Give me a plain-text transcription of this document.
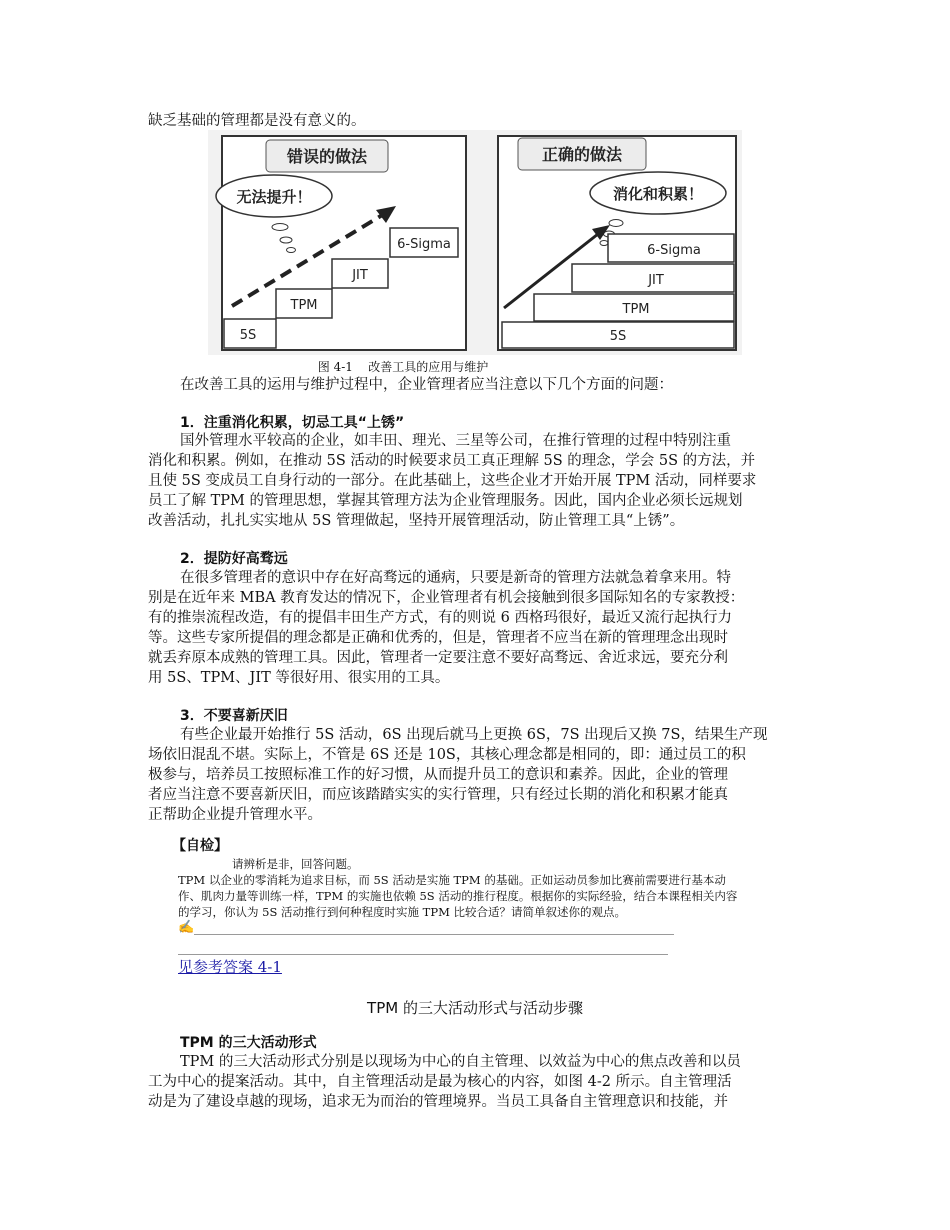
缺乏基础的管理都是没有意义的。
错误的做法
无法提升！
5S
TPM
JIT
6-Sigma
正确的做法
消化和积累！
5S
TPM
JIT
6-Sigma
图 4-1 改善工具的应用与维护
在改善工具的运用与维护过程中，企业管理者应当注意以下几个方面的问题：
1．注重消化积累，切忌工具“上锈”
国外管理水平较高的企业，如丰田、理光、三星等公司，在推行管理的过程中特别注重
消化和积累。例如，在推动 5S 活动的时候要求员工真正理解 5S 的理念，学会 5S 的方法，并
且使 5S 变成员工自身行动的一部分。在此基础上，这些企业才开始开展 TPM 活动，同样要求
员工了解 TPM 的管理思想，掌握其管理方法为企业管理服务。因此，国内企业必须长远规划
改善活动，扎扎实实地从 5S 管理做起，坚持开展管理活动，防止管理工具“上锈”。
2．提防好高骛远
在很多管理者的意识中存在好高骛远的通病，只要是新奇的管理方法就急着拿来用。特
别是在近年来 MBA 教育发达的情况下，企业管理者有机会接触到很多国际知名的专家教授：
有的推崇流程改造，有的提倡丰田生产方式，有的则说 6 西格玛很好，最近又流行起执行力
等。这些专家所提倡的理念都是正确和优秀的，但是，管理者不应当在新的管理理念出现时
就丢弃原本成熟的管理工具。因此，管理者一定要注意不要好高骛远、舍近求远，要充分利
用 5S、TPM、JIT 等很好用、很实用的工具。
3．不要喜新厌旧
有些企业最开始推行 5S 活动，6S 出现后就马上更换 6S，7S 出现后又换 7S，结果生产现
场依旧混乱不堪。实际上，不管是 6S 还是 10S，其核心理念都是相同的，即：通过员工的积
极参与，培养员工按照标准工作的好习惯，从而提升员工的意识和素养。因此，企业的管理
者应当注意不要喜新厌旧，而应该踏踏实实的实行管理，只有经过长期的消化和积累才能真
正帮助企业提升管理水平。
【自检】
请辨析是非，回答问题。
TPM 以企业的零消耗为追求目标，而 5S 活动是实施 TPM 的基础。正如运动员参加比赛前需要进行基本动
作、肌肉力量等训练一样，TPM 的实施也依赖 5S 活动的推行程度。根据你的实际经验，结合本课程相关内容
的学习，你认为 5S 活动推行到何种程度时实施 TPM 比较合适？请简单叙述你的观点。
✍
见参考答案 4-1
TPM 的三大活动形式与活动步骤
TPM 的三大活动形式
TPM 的三大活动形式分别是以现场为中心的自主管理、以效益为中心的焦点改善和以员
工为中心的提案活动。其中，自主管理活动是最为核心的内容，如图 4-2 所示。自主管理活
动是为了建设卓越的现场，追求无为而治的管理境界。当员工具备自主管理意识和技能，并
